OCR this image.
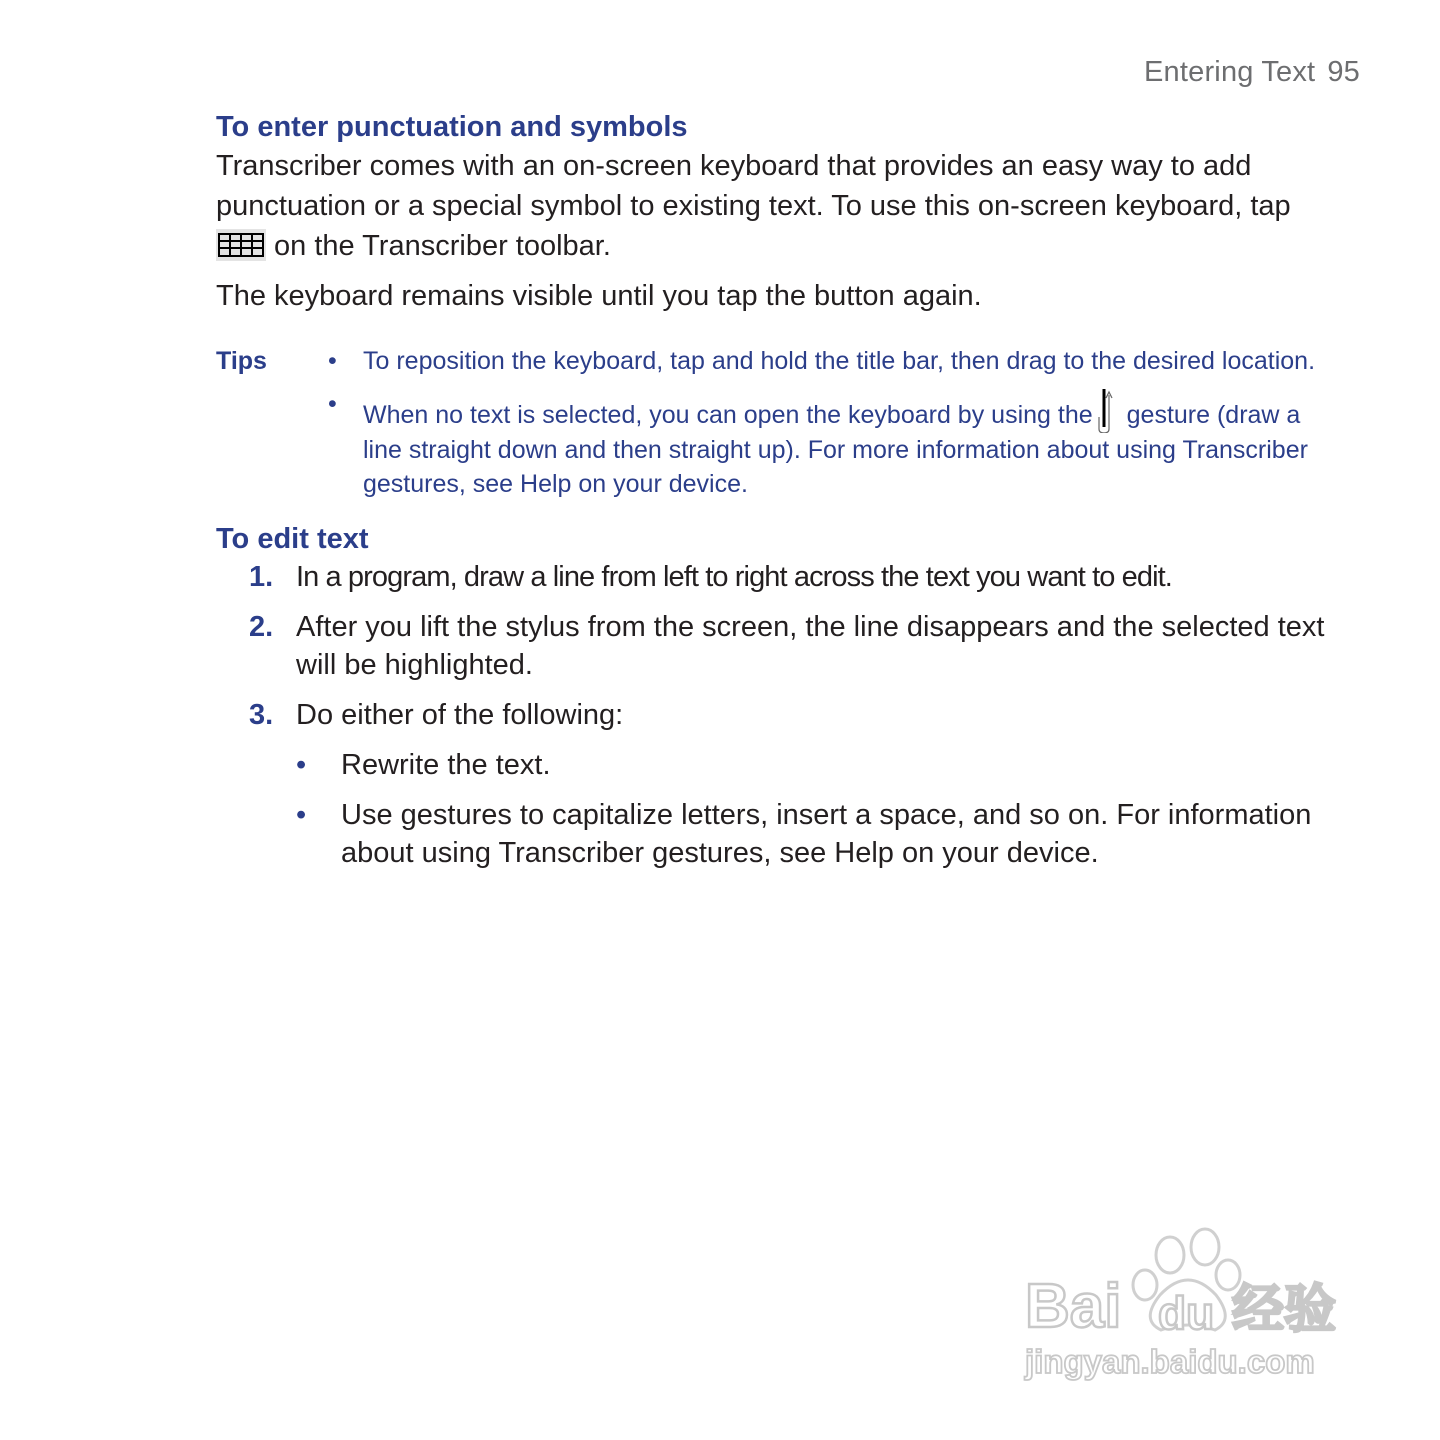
Entering Text 95
To enter punctuation and symbols

Transcriber comes with an on-screen keyboard that provides an easy way to add punctuation or a special symbol to existing text. To use this on-screen keyboard, tap

on the Transcriber toolbar.

The keyboard remains visible until you tap the button again.

Tips
•	To reposition the keyboard, tap and hold the title bar, then drag to the desired location.
• When no text is selected, you can open the keyboard by using the gesture (draw a line straight down and then straight up). For more information about using Transcriber gestures, see Help on your device.
To edit text
1. In a program, draw a line from left to right across the text you want to edit.
2. After you lift the stylus from the screen, the line disappears and the selected text will be highlighted.
3. Do either of the following:
• Rewrite the text.
• Use gestures to capitalize letters, insert a space, and so on. For information about using Transcriber gestures, see Help on your device.
Bai du 经验
jingyan.baidu.com
